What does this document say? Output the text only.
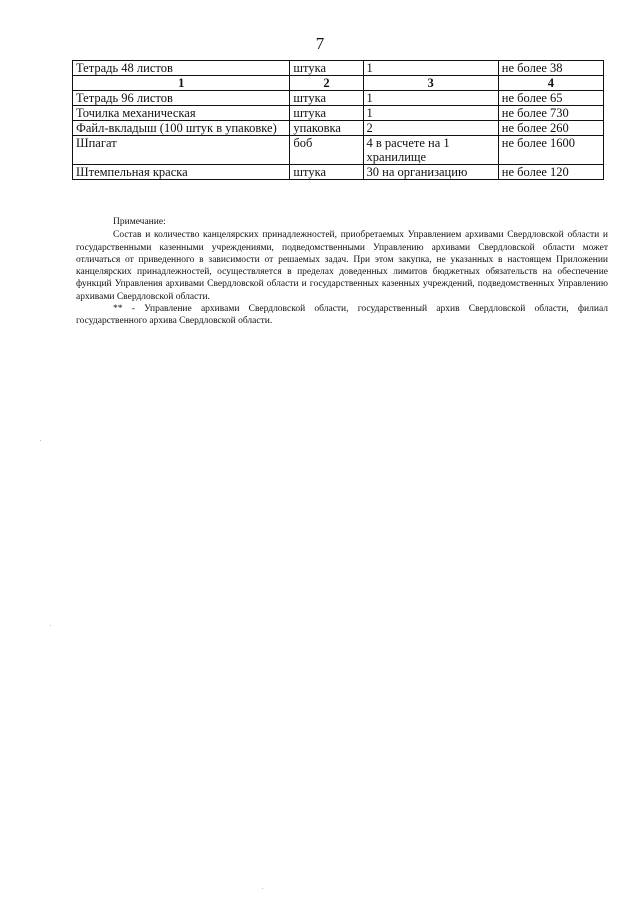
7
Тетрадь 48 листов	штука	1	не более 38
1	2	3	4
Тетрадь 96 листов	штука	1	не более 65
Точилка механическая	штука	1	не более 730
Файл-вкладыш (100 штук в упаковке)	упаковка	2	не более 260
Шпагат	боб	4 в расчете на 1 хранилище	не более 1600
Штемпельная краска	штука	30 на организацию	не более 120

Примечание:

Состав и количество канцелярских принадлежностей, приобретаемых Управлением архивами Свердловской области и государственными казенными учреждениями, подведомственными Управлению архивами Свердловской области может отличаться от приведенного в зависимости от решаемых задач. При этом закупка, не указанных в настоящем Приложении канцелярских принадлежностей, осуществляется в пределах доведенных лимитов бюджетных обязательств на обеспечение функций Управления архивами Свердловской области и государственных казенных учреждений, подведомственных Управлению архивами Свердловской области.

** - Управление архивами Свердловской области, государственный архив Свердловской области, филиал государственного архива Свердловской области.
